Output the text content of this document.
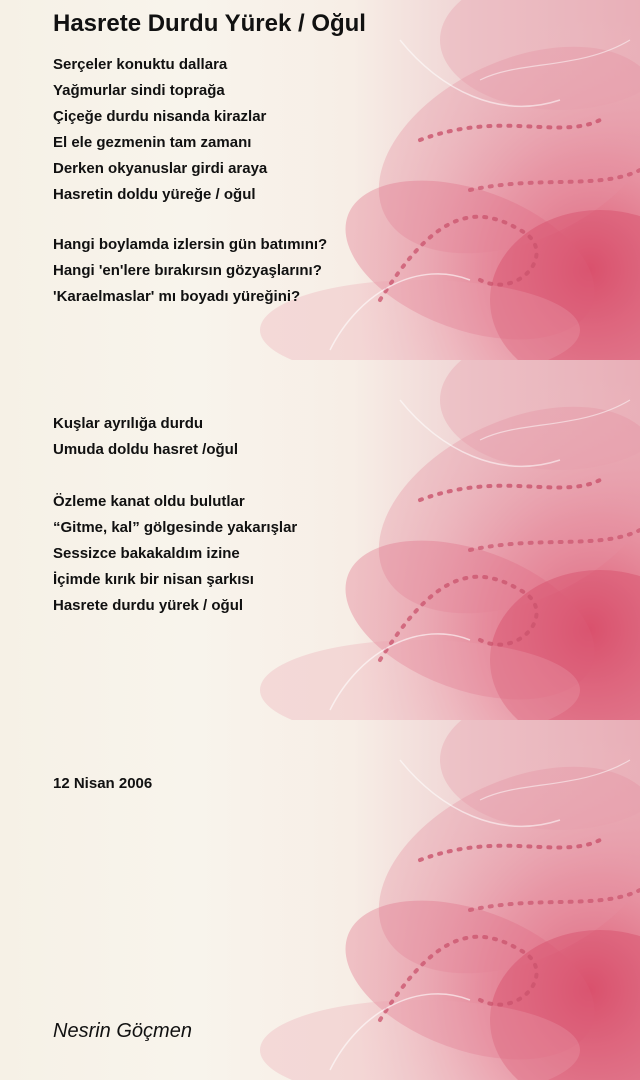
Hasrete Durdu Yürek / Oğul
Serçeler konuktu dallara
Yağmurlar sindi toprağa
Çiçeğe durdu nisanda kirazlar
El ele gezmenin tam zamanı
Derken okyanuslar girdi araya
Hasretin doldu yüreğe / oğul
Hangi boylamda izlersin gün batımını?
Hangi 'en'lere bırakırsın gözyaşlarını?
'Karaelmaslar' mı boyadı yüreğini?
Kuşlar ayrılığa durdu
Umuda doldu hasret /oğul
Özleme kanat oldu bulutlar
“Gitme, kal” gölgesinde yakarışlar
Sessizce bakakaldım izine
İçimde kırık bir nisan şarkısı
Hasrete durdu yürek / oğul
12 Nisan 2006
Nesrin Göçmen
